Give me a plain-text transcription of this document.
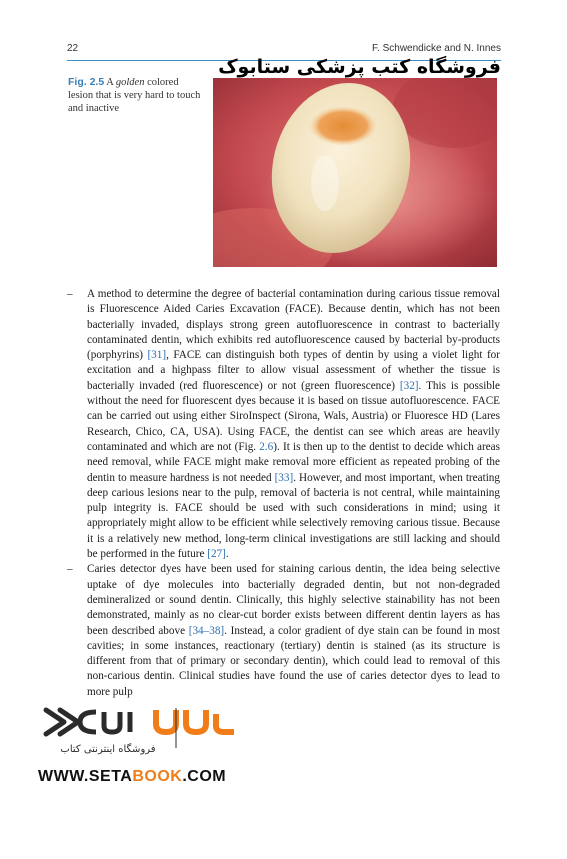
22	F. Schwendicke and N. Innes
فروشگاه کتب پزشکی ستابوک
Fig. 2.5 A golden colored lesion that is very hard to touch and inactive
– A method to determine the degree of bacterial contamination during carious tissue removal is Fluorescence Aided Caries Excavation (FACE). Because dentin, which has not been bacterially invaded, displays strong green autofluorescence in contrast to bacterially contaminated dentin, which exhibits red autofluorescence caused by bacterial by-products (porphyrins) [31], FACE can distinguish both types of dentin by using a violet light for excitation and a highpass filter to allow visual assessment of whether the tissue is bacterially invaded (red fluorescence) or not (green fluorescence) [32]. This is possible without the need for fluorescent dyes because it is based on tissue autofluorescence. FACE can be carried out using either SiroInspect (Sirona, Wals, Austria) or Fluoresce HD (Lares Research, Chico, CA, USA). Using FACE, the dentist can see which areas are heavily contaminated and which are not (Fig. 2.6). It is then up to the dentist to decide which areas need removal, while FACE might make removal more efficient as repeated probing of the dentin to measure hardness is not needed [33]. However, and most important, when treating deep carious lesions near to the pulp, removal of bacteria is not central, while maintaining pulp integrity is. FACE should be used with such considerations in mind; using it appropriately might allow to be efficient while selectively removing carious tissue. Because it is a relatively new method, long-term clinical investigations are still lacking and should be performed in the future [27].
– Caries detector dyes have been used for staining carious dentin, the idea being selective uptake of dye molecules into bacterially degraded dentin, but not non-degraded demineralized or sound dentin. Clinically, this highly selective stainability has not been demonstrated, mainly as no clear-cut border exists between different dentin layers as has been described above [34–38]. Instead, a color gradient of dye stain can be found in most cavities; in some instances, reactionary (tertiary) dentin is stained (as its structure is different from that of primary or secondary dentin), which could lead to removal of this non-carious dentin. Clinical studies have found the use of caries detector dyes to lead to more pulp
فروشگاه اینترنتی کتاب
WWW.SETABOOK.COM
